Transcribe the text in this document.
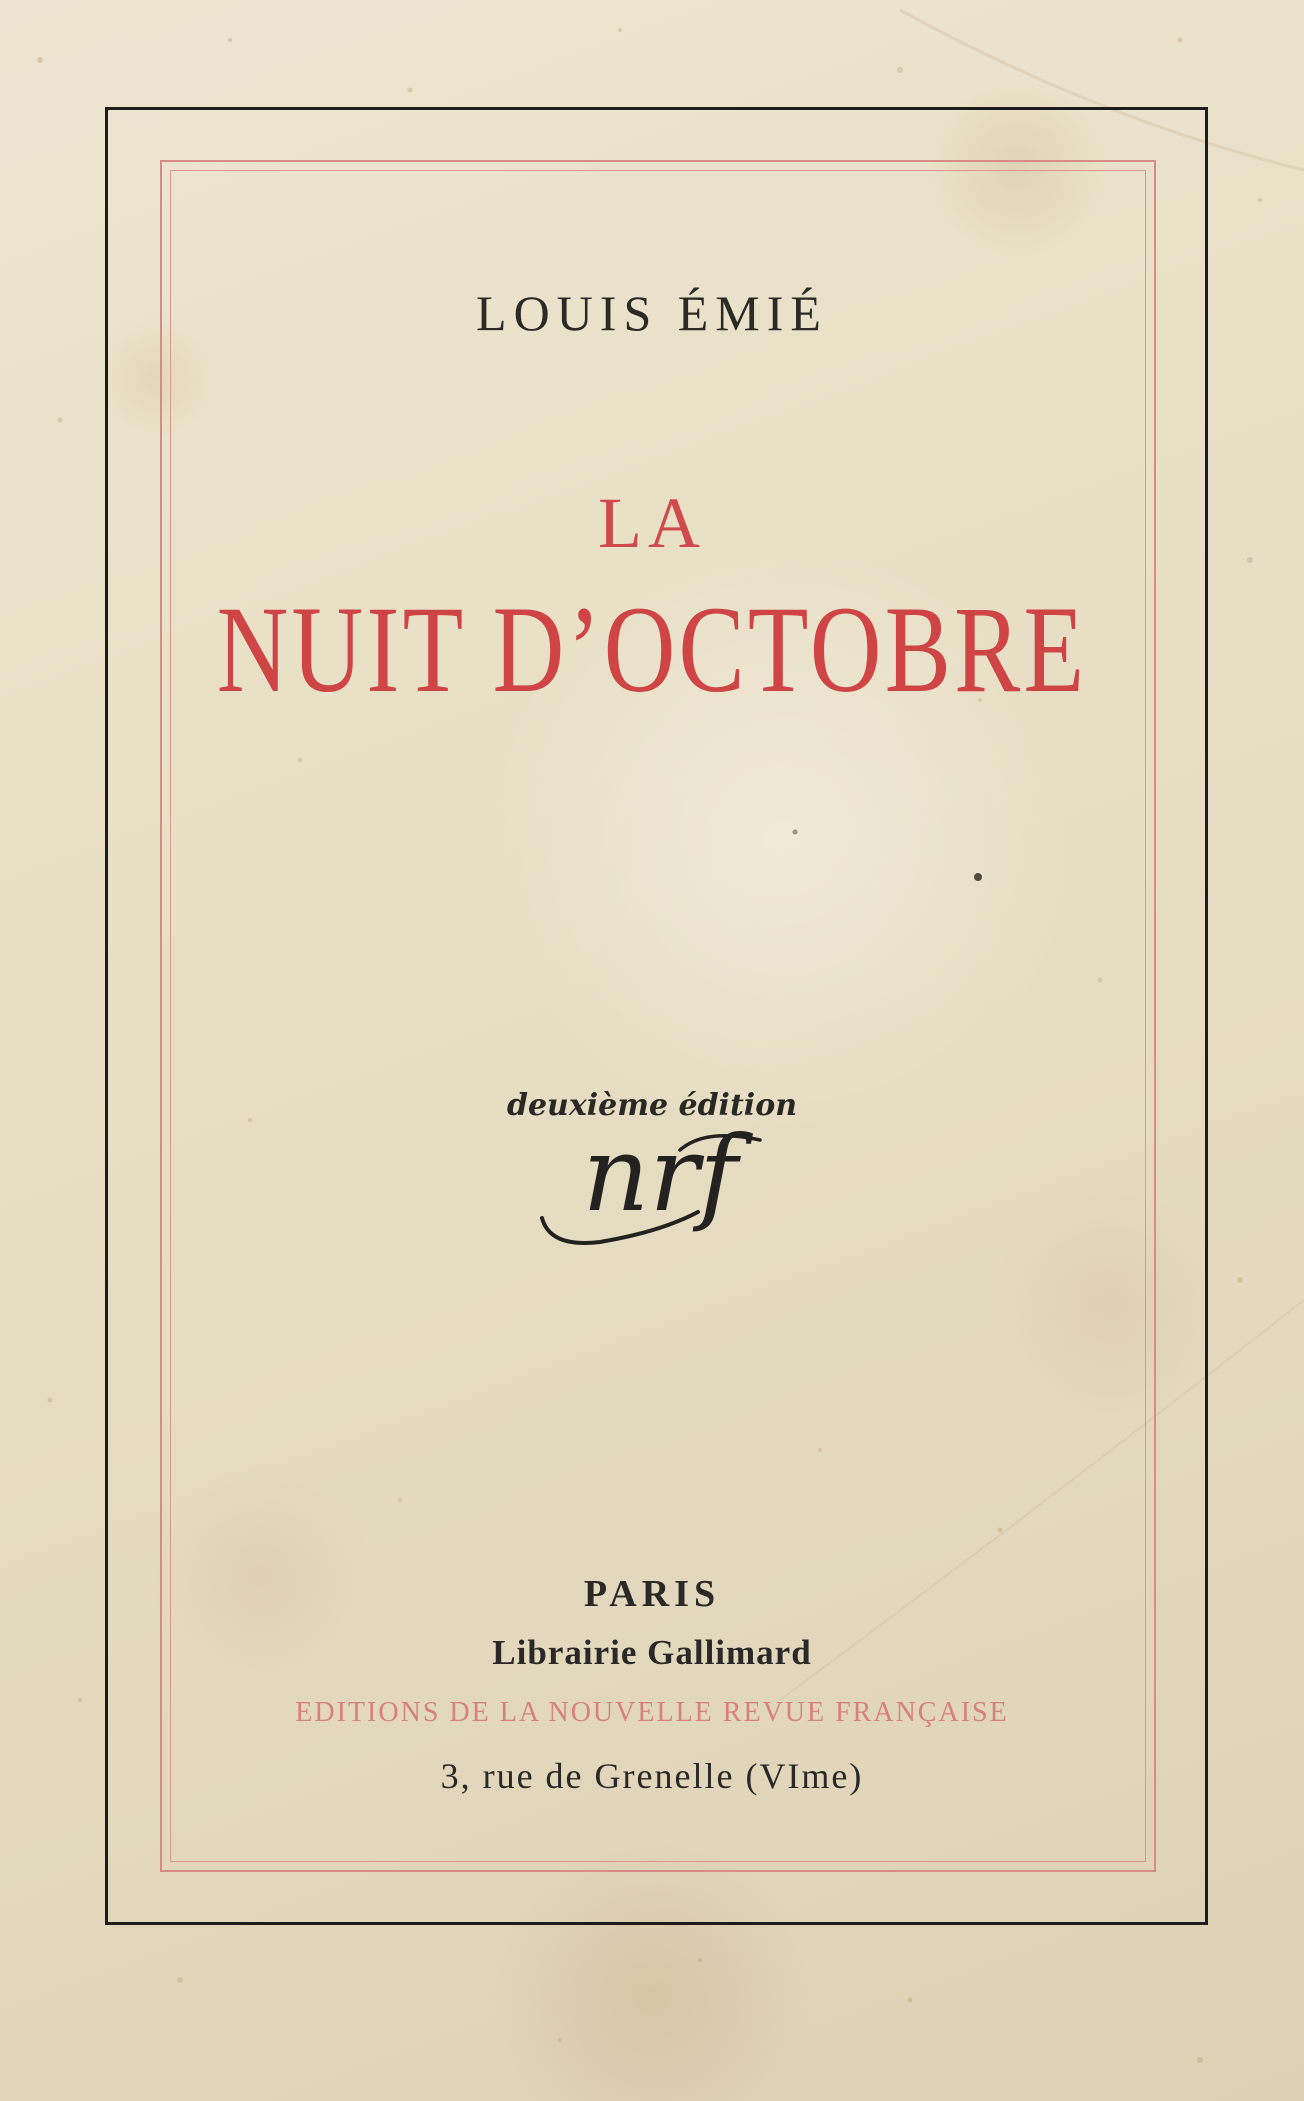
LOUIS ÉMIÉ
LA
NUIT D’OCTOBRE
deuxième édition
nrf
PARIS
Librairie Gallimard
EDITIONS DE LA NOUVELLE REVUE FRANÇAISE
3, rue de Grenelle (VIme)
